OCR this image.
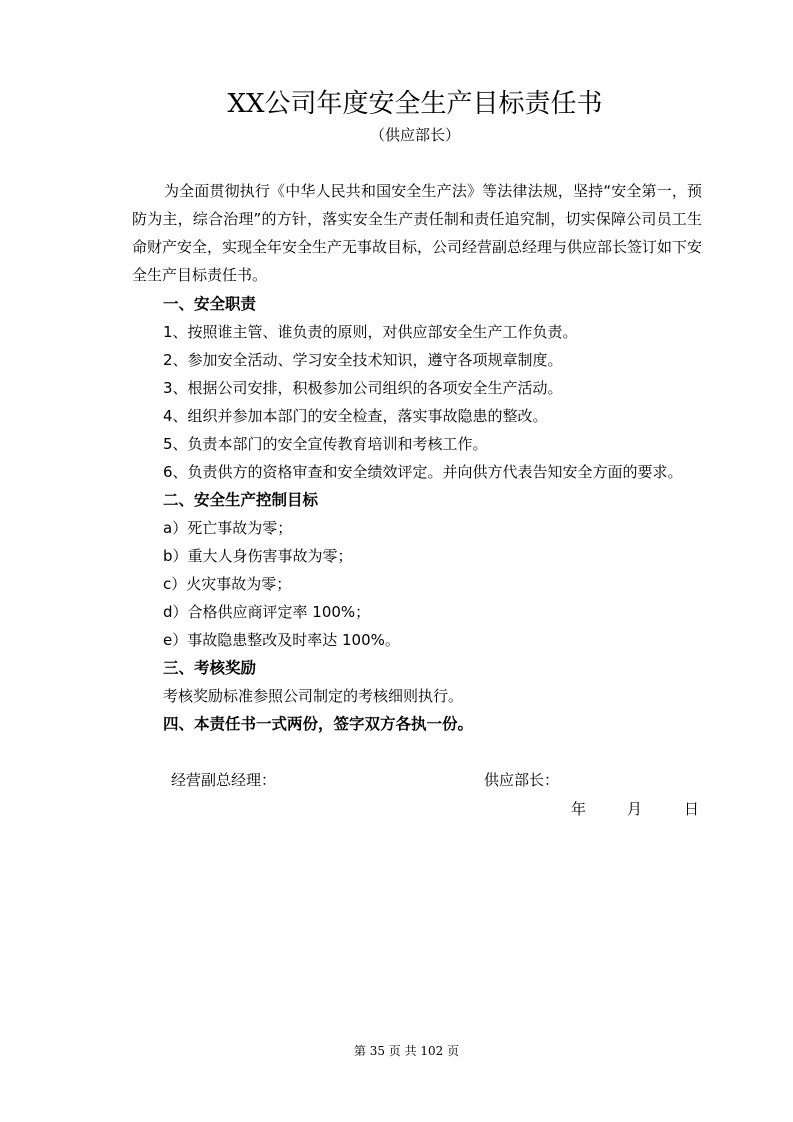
XX公司年度安全生产目标责任书
（供应部长）

为全面贯彻执行《中华人民共和国安全生产法》等法律法规，坚持“安全第一，预防为主，综合治理”的方针，落实安全生产责任制和责任追究制，切实保障公司员工生命财产安全，实现全年安全生产无事故目标，公司经营副总经理与供应部长签订如下安全生产目标责任书。

一、安全职责
1、按照谁主管、谁负责的原则，对供应部安全生产工作负责。
2、参加安全活动、学习安全技术知识，遵守各项规章制度。
3、根据公司安排，积极参加公司组织的各项安全生产活动。
4、组织并参加本部门的安全检查，落实事故隐患的整改。
5、负责本部门的安全宣传教育培训和考核工作。
6、负责供方的资格审查和安全绩效评定。并向供方代表告知安全方面的要求。
二、安全生产控制目标
a）死亡事故为零；
b）重大人身伤害事故为零；
c）火灾事故为零；
d）合格供应商评定率 100%；
e）事故隐患整改及时率达 100%。
三、考核奖励
考核奖励标准参照公司制定的考核细则执行。
四、本责任书一式两份，签字双方各执一份。
经营副总经理：	供应部长：
年	月	日
第 35 页 共 102 页
